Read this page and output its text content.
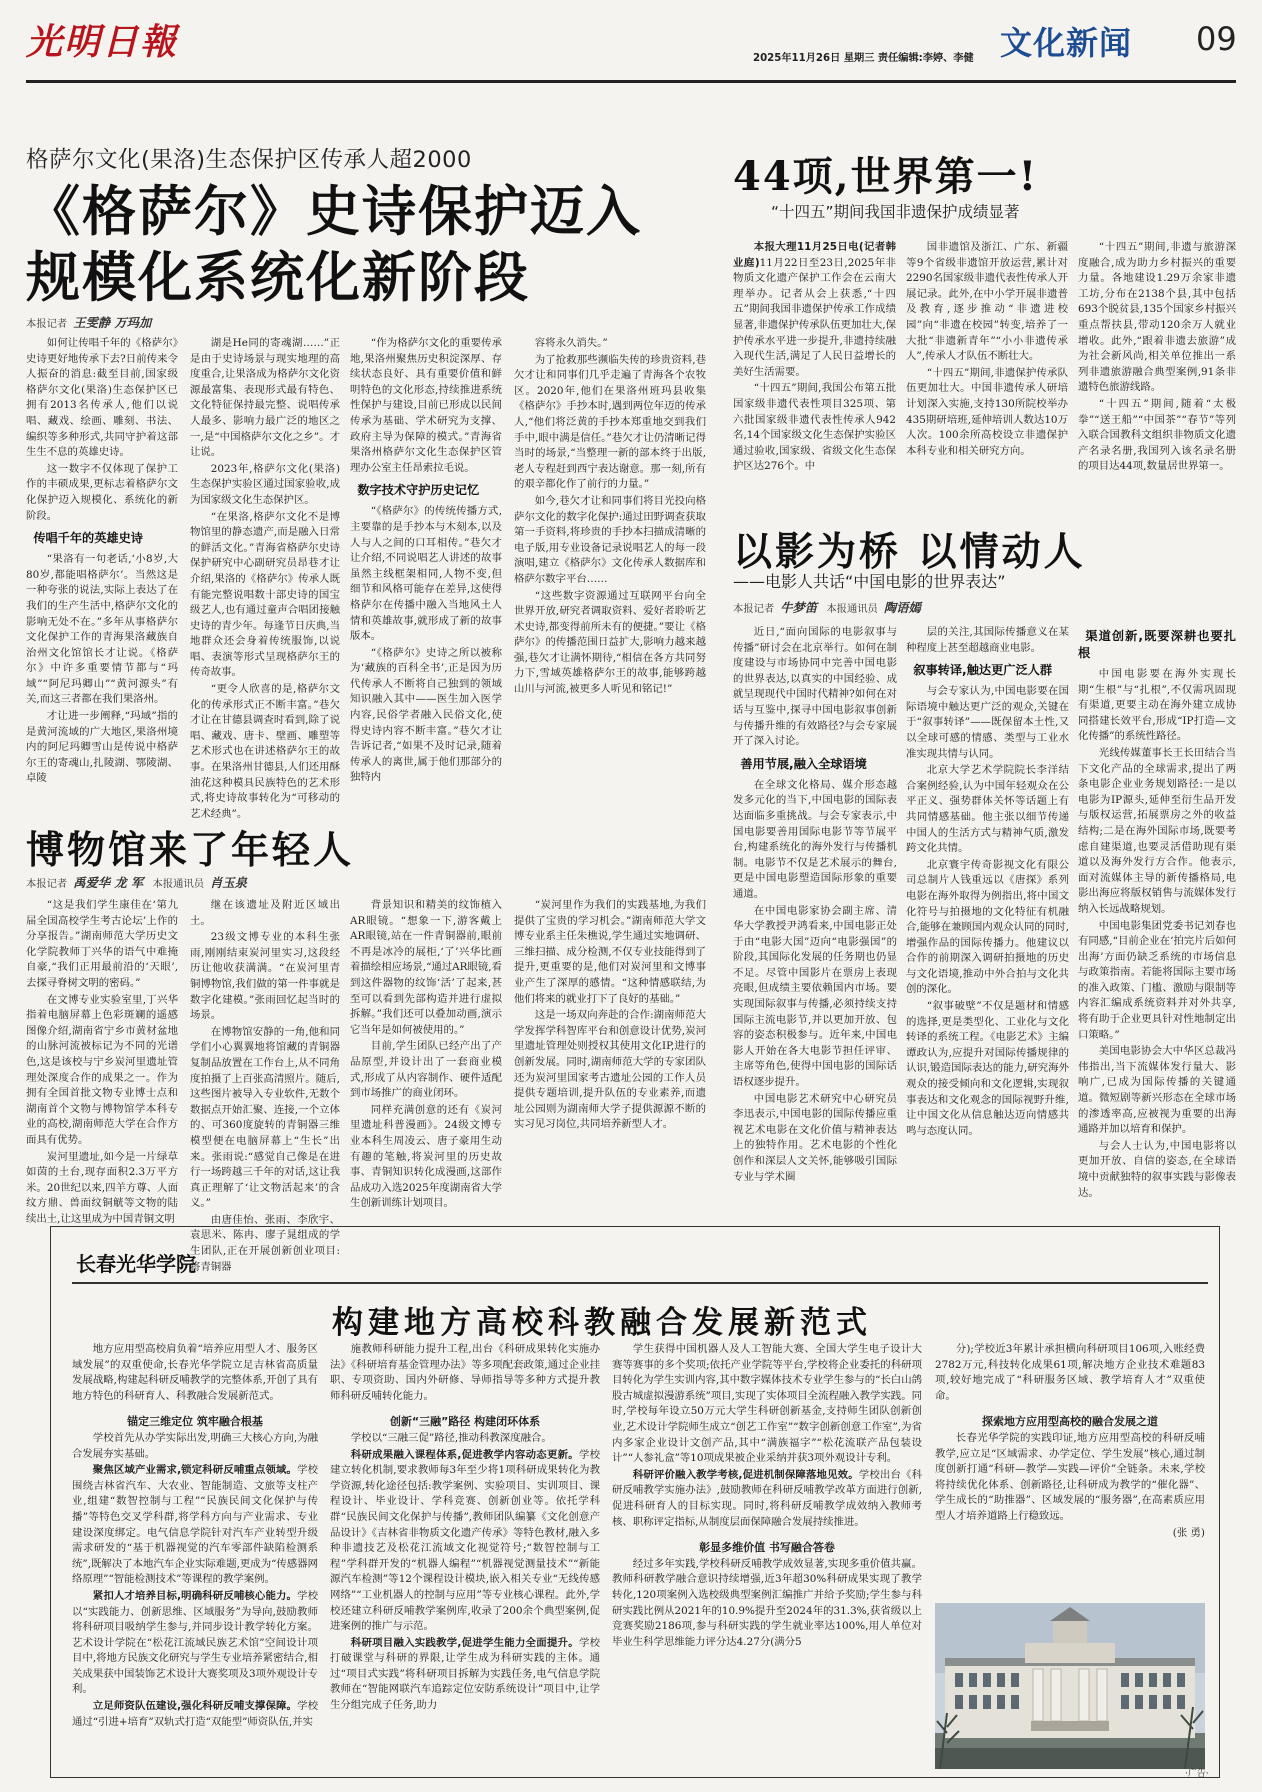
光明日報	2025年11月26日 星期三 责任编辑:李婷、李健 文化新闻 09
格萨尔文化(果洛)生态保护区传承人超2000
《格萨尔》史诗保护迈入
规模化系统化新阶段
本报记者 王雯静 万玛加

如何让传唱千年的《格萨尔》史诗更好地传承下去?日前传来令人振奋的消息:截至目前,国家级格萨尔文化(果洛)生态保护区已拥有2013名传承人,他们以说唱、藏戏、绘画、雕刻、书法、编织等多种形式,共同守护着这部生生不息的英雄史诗。

这一数字不仅体现了保护工作的丰硕成果,更标志着格萨尔文化保护迈入规模化、系统化的新阶段。

传唱千年的英雄史诗

“果洛有一句老话,‘小8岁,大80岁,都能唱格萨尔’。当然这是一种夸张的说法,实际上表达了在我们的生产生活中,格萨尔文化的影响无处不在。”多年从事格萨尔文化保护工作的青海果洛藏族自治州文化馆馆长才让说。《格萨尔》中许多重要情节都与“玛域”“阿尼玛卿山”“黄河源头”有关,而这三者都在我们果洛州。

才让进一步阐释,“玛域”指的是黄河流域的广大地区,果洛州境内的阿尼玛卿雪山是传说中格萨尔王的寄魂山,扎陵湖、鄂陵湖、卓陵

湖是He同的寄魂湖……”正是由于史诗场景与现实地理的高度重合,让果洛成为格萨尔文化资源最富集、表现形式最有特色、文化特征保持最完整、说唱传承人最多、影响力最广泛的地区之一,是“中国格萨尔文化之乡”。才让说。

2023年,格萨尔文化(果洛)生态保护实验区通过国家验收,成为国家级文化生态保护区。

“在果洛,格萨尔文化不是博物馆里的静态遗产,而是融入日常的鲜活文化。”青海省格萨尔史诗保护研究中心副研究员昂巷才让介绍,果洛的《格萨尔》传承人既有能完整说唱数十部史诗的国宝级艺人,也有通过童声合唱团接触史诗的青少年。每逢节日庆典,当地群众还会身着传统服饰,以说唱、表演等形式呈现格萨尔王的传奇故事。

“更令人欣喜的是,格萨尔文化的传承形式正不断丰富。”巷欠才让在甘德县调查时看到,除了说唱、藏戏、唐卡、壁画、雕塑等艺术形式也在讲述格萨尔王的故事。在果洛州甘德县,人们还用酥油花这种模具民族特色的艺术形式,将史诗故事转化为“可移动的艺术经典”。

“作为格萨尔文化的重要传承地,果洛州聚焦历史积淀深厚、存续状态良好、具有重要价值和鲜明特色的文化形态,持续推进系统性保护与建设,目前已形成以民间传承为基础、学术研究为支撑、政府主导为保障的模式。”青海省果洛州格萨尔文化生态保护区管理办公室主任昂索拉毛说。

数字技术守护历史记忆

“《格萨尔》的传统传播方式,主要靠的是手抄本与木刻本,以及人与人之间的口耳相传。”巷欠才让介绍,不同说唱艺人讲述的故事虽然主线框架相同,人物不变,但细节和风格可能存在差异,这使得格萨尔在传播中融入当地风土人情和英雄故事,就形成了新的故事版本。

“《格萨尔》史诗之所以被称为‘藏族的百科全书’,正是因为历代传承人不断将自己独到的领域知识融入其中——医生加入医学内容,民俗学者融入民俗文化,使得史诗内容不断丰富。”巷欠才让告诉记者,“如果不及时记录,随着传承人的离世,属于他们那部分的独特内

容将永久消失。”

为了抢救那些濒临失传的珍贵资料,巷欠才让和同事们几乎走遍了青海各个农牧区。2020年,他们在果洛州班玛县收集《格萨尔》手抄本时,遇到两位年迈的传承人,“他们将泛黄的手抄本郑重地交到我们手中,眼中满是信任。”巷欠才让仍清晰记得当时的场景,“当整理一新的部本终于出版,老人专程赶到西宁表达谢意。那一刻,所有的艰辛都化作了前行的力量。”

如今,巷欠才让和同事们将目光投向格萨尔文化的数字化保护:通过田野调查获取第一手资料,将珍贵的手抄本扫描成清晰的电子版,用专业设备记录说唱艺人的每一段演唱,建立《格萨尔》文化传承人数据库和格萨尔数字平台……

“这些数字资源通过互联网平台向全世界开放,研究者调取资料、爱好者聆听艺术史诗,都变得前所未有的便捷。”要让《格萨尔》的传播范围日益扩大,影响力越来越强,巷欠才让满怀期待,“相信在各方共同努力下,雪域英雄格萨尔王的故事,能够跨越山川与河流,被更多人听见和铭记!”

44项,世界第一!
“十四五”期间我国非遗保护成绩显著

本报大理11月25日电(记者韩业庭)11月22日至23日,2025年非物质文化遗产保护工作会在云南大理举办。记者从会上获悉,“十四五”期间我国非遗保护传承工作成绩显著,非遗保护传承队伍更加壮大,保护传承水平进一步提升,非遗持续融入现代生活,满足了人民日益增长的美好生活需要。

“十四五”期间,我国公布第五批国家级非遗代表性项目325项、第六批国家级非遗代表性传承人942名,14个国家级文化生态保护实验区通过验收,国家级、省级文化生态保护区达276个。中

国非遗馆及浙江、广东、新疆等9个省级非遗馆开放运营,累计对2290名国家级非遗代表性传承人开展记录。此外,在中小学开展非遗普及教育,逐步推动“非遗进校园”向“非遗在校园”转变,培养了一大批“非遗新青年”“小小非遗传承人”,传承人才队伍不断壮大。

“十四五”期间,非遗保护传承队伍更加壮大。中国非遗传承人研培计划深入实施,支持130所院校举办435期研培班,延伸培训人数达10万人次。100余所高校设立非遗保护本科专业和相关研究方向。

“十四五”期间,非遗与旅游深度融合,成为助力乡村振兴的重要力量。各地建设1.29万余家非遗工坊,分布在2138个县,其中包括693个脱贫县,135个国家乡村振兴重点帮扶县,带动120余万人就业增收。此外,“跟着非遗去旅游”成为社会新风尚,相关单位推出一系列非遗旅游融合典型案例,91条非遗特色旅游线路。

“十四五”期间,随着“太极拳”“送王船”“中国茶”“春节”等列入联合国教科文组织非物质文化遗产名录名册,我国列入该名录名册的项目达44项,数量居世界第一。

以影为桥 以情动人
——电影人共话“中国电影的世界表达”
本报记者 牛梦笛 本报通讯员 陶语嫣

近日,“面向国际的电影叙事与传播”研讨会在北京举行。如何在制度建设与市场协同中完善中国电影的世界表达,以真实的中国经验、成就呈现现代中国时代精神?如何在对话与互鉴中,探寻中国电影叙事创新与传播升维的有效路径?与会专家展开了深入讨论。

善用节展,融入全球语境

在全球文化格局、媒介形态越发多元化的当下,中国电影的国际表达面临多重挑战。与会专家表示,中国电影要善用国际电影节等节展平台,构建系统化的海外发行与传播机制。电影节不仅是艺术展示的舞台,更是中国电影塑造国际形象的重要通道。

在中国电影家协会副主席、清华大学教授尹鸿看来,中国电影正处于由“电影大国”迈向“电影强国”的阶段,其国际化发展的任务期也仍显不足。尽管中国影片在票房上表现亮眼,但成绩主要依赖国内市场。要实现国际叙事与传播,必须持续支持国际主流电影节,并以更加开放、包容的姿态积极参与。近年来,中国电影人开始在各大电影节担任评审、主席等角色,使得中国电影的国际话语权逐步提升。

中国电影艺术研究中心研究员李迅表示,中国电影的国际传播应重视艺术电影在文化价值与精神表达上的独特作用。艺术电影的个性化创作和深层人文关怀,能够吸引国际专业与学术圈

层的关注,其国际传播意义在某种程度上甚至超越商业电影。

叙事转译,触达更广泛人群

与会专家认为,中国电影要在国际语境中触达更广泛的观众,关键在于“叙事转译”——既保留本土性,又以全球可感的情感、类型与工业水准实现共情与认同。

北京大学艺术学院院长李洋结合案例经验,认为中国年轻观众在公平正义、强势群体关怀等话题上有共同情感基础。他主张以细节传递中国人的生活方式与精神气质,激发跨文化共情。

北京寰宇传奇影视文化有限公司总制片人钱重远以《唐探》系列电影在海外取得为例指出,将中国文化符号与拍摄地的文化特征有机融合,能够在兼顾国内观众认同的同时,增强作品的国际传播力。他建议以合作的前期深入调研拍摄地的历史与文化语境,推动中外合拍与文化共创的深化。

“叙事破壁”不仅是题材和情感的选择,更是类型化、工业化与文化转译的系统工程。《电影艺术》主编谭政认为,应提升对国际传播规律的认识,锻造国际表达的能力,研究海外观众的接受倾向和文化逻辑,实现叙事表达和文化观念的国际视野升维,让中国文化从信息触达迈向情感共鸣与态度认同。

渠道创新,既要深耕也要扎根

中国电影要在海外实现长期“生根”与“扎根”,不仅需巩固现有渠道,更要主动在海外建立成协同搭建长效平台,形成“IP打造—文化传播”的系统性路径。

光线传媒董事长王长田结合当下文化产品的全球需求,提出了两条电影企业业务规划路径:一是以电影为IP源头,延伸至衍生品开发与版权运营,拓展票房之外的收益结构;二是在海外国际市场,既要考虑自建渠道,也要灵活借助现有渠道以及海外发行方合作。他表示,面对流媒体主导的新传播格局,电影出海应将版权销售与流媒体发行纳入长远战略规划。

中国电影集团党委书记刘春也有同感,“目前企业在‘拍完片后如何出海’方面仍缺乏系统的市场信息与政策指南。若能将国际主要市场的准入政策、门槛、激励与限制等内容汇编成系统资料并对外共享,将有助于企业更具针对性地制定出口策略。”

美国电影协会大中华区总裁冯伟指出,当下流媒体发行量大、影响广,已成为国际传播的关键通道。微短剧等新兴形态在全球市场的渗透率高,应被视为重要的出海通路并加以培育和保护。

与会人士认为,中国电影将以更加开放、自信的姿态,在全球语境中贡献独特的叙事实践与影像表达。

博物馆来了年轻人
本报记者 禹爱华 龙 军 本报通讯员 肖玉泉

“这是我们学生康佳在‘第九届全国高校学生考古论坛’上作的分享报告。”湖南师范大学历史文化学院教师丁兴华的语气中难掩自豪,“我们正用最前沿的‘天眼’,去探寻脊树文明的密码。”

在文博专业实验室里,丁兴华指着电脑屏幕上色彩斑斓的遥感图像介绍,湖南省宁乡市黄材盆地的山脉河流被标记为不同的光谱色,这是该校与宁乡炭河里遗址管理处深度合作的成果之一。作为拥有全国首批文物专业博士点和湖南首个文物与博物馆学本科专业的高校,湖南师范大学在合作方面具有优势。

炭河里遗址,如今是一片绿草如茵的土台,现存面积2.3万平方米。20世纪以来,四羊方尊、人面纹方鼎、兽面纹铜觥等文物的陆续出土,让这里成为中国青铜文明

继在该遗址及附近区域出土。

23级文博专业的本科生张雨,刚刚结束炭河里实习,这段经历让他收获满满。“在炭河里青铜博物馆,我们做的第一件事就是数字化建模。”张雨回忆起当时的场景。

在博物馆安静的一角,他和同学们小心翼翼地将馆藏的青铜器复制品放置在工作台上,从不同角度拍摄了上百张高清照片。随后,这些图片被导入专业软件,无数个数据点开始汇聚、连接,一个立体的、可360度旋转的青铜器三维模型便在电脑屏幕上“生长”出来。张雨说:“感觉自己像是在进行一场跨越三千年的对话,这让我真正理解了‘让文物活起来’的含义。”

由唐佳怡、张雨、李欣宇、袁思米、陈冉、廖子晁组成的学生团队,正在开展创新创业项目:将青铜器

背景知识和精美的纹饰植入AR眼镜。“想象一下,游客戴上AR眼镜,站在一件青铜器前,眼前不再是冰冷的展柜,‘了’兴华比画着描绘相应场景,“通过AR眼镜,看到这件器物的纹饰‘活’了起来,甚至可以看到先部构造并进行虚拟拆解。”我们还可以叠加动画,演示它当年是如何被使用的。”

目前,学生团队已经产出了产品原型,并设计出了一套商业模式,形成了从内容制作、硬件适配到市场推广的商业闭环。

同样充满创意的还有《炭河里遗址科普漫画》。24级文博专业本科生周凌云、唐子豪用生动有趣的笔触,将炭河里的历史故事、青铜知识转化成漫画,这部作品成功入选2025年度湖南省大学生创新训练计划项目。

“炭河里作为我们的实践基地,为我们提供了宝贵的学习机会。”湖南师范大学文博专业系主任朱樵说,学生通过实地调研、三维扫描、成分检测,不仅专业技能得到了提升,更重要的是,他们对炭河里和文博事业产生了深厚的感情。“这种情感联结,为他们将来的就业打下了良好的基础。”

这是一场双向奔赴的合作:湖南师范大学发挥学科智库平台和创意设计优势,炭河里遗址管理处则授权其使用文化IP,进行的创新发展。同时,湖南师范大学的专家团队还为炭河里国家考古遗址公园的工作人员提供专题培训,提升队伍的专业素养,而遗址公园则为湖南师大学子提供源源不断的实习见习岗位,共同培养新型人才。

长春光华学院
构建地方高校科教融合发展新范式

地方应用型高校肩负着“培养应用型人才、服务区域发展”的双重使命,长春光华学院立足吉林省高质量发展战略,构建起科研反哺教学的完整体系,开创了具有地方特色的科研育人、科教融合发展新范式。

锚定三维定位 筑牢融合根基

学校首先从办学实际出发,明确三大核心方向,为融合发展夯实基础。

聚焦区域产业需求,锁定科研反哺重点领域。学校围绕吉林省汽车、大农业、智能制造、文旅等支柱产业,组建“数智控制与工程”“民族民间文化保护与传播”等特色交叉学科群,将学科方向与产业需求、专业建设深度绑定。电气信息学院针对汽车产业转型升级需求研发的“基于机器视觉的汽车零部件缺陷检测系统”,既解决了本地汽车企业实际难题,更成为“传感器网络原理”“智能检测技术”等课程的教学案例。

紧扣人才培养目标,明确科研反哺核心能力。学校以“实践能力、创新思维、区域服务”为导向,鼓励教师将科研项目吸纳学生参与,并同步设计教学转化方案。艺术设计学院在“松花江流域民族艺术馆”空间设计项目中,将地方民族文化研究与学生专业培养紧密结合,相关成果获中国装饰艺术设计大赛奖项及3项外观设计专利。

立足师资队伍建设,强化科研反哺支撑保障。学校通过“引进+培育”双轨式打造“双能型”师资队伍,并实

施教师科研能力提升工程,出台《科研成果转化实施办法》《科研培育基金管理办法》等多项配套政策,通过企业挂职、专项资助、国内外研修、导师指导等多种方式提升教师科研反哺转化能力。

创新“三融”路径 构建闭环体系

学校以“三融三促”路径,推动科教深度融合。

科研成果融入课程体系,促进教学内容动态更新。学校建立转化机制,要求教师每3年至少将1项科研成果转化为教学资源,转化途径包括:教学案例、实验项目、实训项目、课程设计、毕业设计、学科竞赛、创新创业等。依托学科群“民族民间文化保护与传播”,教师团队编纂《文化创意产品设计》《吉林省非物质文化遗产传承》等特色教材,融入多种非遗技艺及松花江流域文化视觉符号;“数智控制与工程”学科群开发的“机器人编程”“机器视觉测量技术”“新能源汽车检测”等12个课程设计模块,嵌入相关专业“无线传感网络”“工业机器人的控制与应用”等专业核心课程。此外,学校还建立科研反哺教学案例库,收录了200余个典型案例,促进案例的推广与示范。

科研项目融入实践教学,促进学生能力全面提升。学校打破课堂与科研的界限,让学生成为科研实践的主体。通过“项目式实践”将科研项目拆解为实践任务,电气信息学院教师在“智能网联汽车追踪定位安防系统设计”项目中,让学生分组完成子任务,助力

学生获得中国机器人及人工智能大赛、全国大学生电子设计大赛等赛事的多个奖项;依托产业学院等平台,学校将企业委托的科研项目转化为学生实训内容,其中数字媒体技术专业学生参与的“长白山鸽股古城虚拟漫游系统”项目,实现了实体项目全流程融入教学实践。同时,学校每年设立50万元大学生科研创新基金,支持师生团队创新创业,艺术设计学院师生成立“创艺工作室”“数字创新创意工作室”,为省内多家企业设计文创产品,其中“满族福字”“松花流联产品包装设计”“人参礼盒”等10项成果被企业采纳并获3项外观设计专利。

科研评价融入教学考核,促进机制保障落地见效。学校出台《科研反哺教学实施办法》,鼓励教师在科研反哺教学改革方面进行创新,促进科研育人的目标实现。同时,将科研反哺教学成效纳入教师考核、职称评定指标,从制度层面保障融合发展持续推进。

彰显多维价值 书写融合答卷

经过多年实践,学校科研反哺教学成效显著,实现多重价值共赢。教师科研教学融合意识持续增强,近3年超30%科研成果实现了教学转化,120项案例入选校级典型案例汇编推广并给予奖励;学生参与科研实践比例从2021年的10.9%提升至2024年的31.3%,获省级以上竞赛奖励2186项,参与科研实践的学生就业率达100%,用人单位对毕业生科学思维能力评分达4.27分(满分5

分);学校近3年累计承担横向科研项目106项,入账经费2782万元,科技转化成果61项,解决地方企业技术难题83项,较好地完成了“科研服务区域、教学培育人才”双重使命。

探索地方应用型高校的融合发展之道

长春光华学院的实践印证,地方应用型高校的科研反哺教学,应立足“区域需求、办学定位、学生发展”核心,通过制度创新打通“科研—教学—实践—评价”全链条。未来,学校将持续优化体系、创新路径,让科研成为教学的“催化器”、学生成长的“助推器”、区域发展的“服务器”,在高素质应用型人才培养道路上行稳致远。

(张 勇)

·广告·
